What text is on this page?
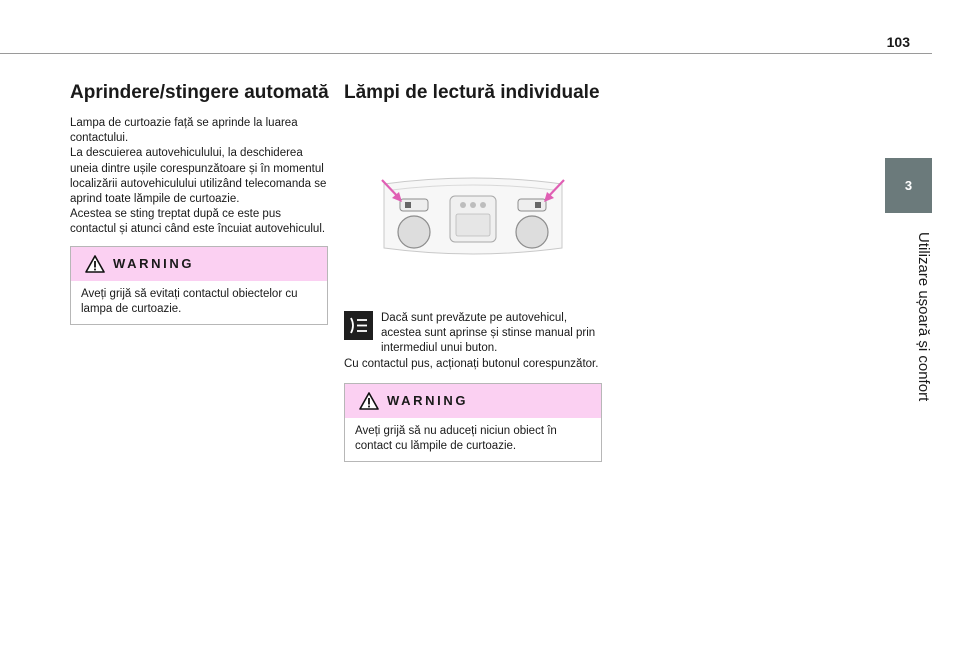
103
3
Utilizare ușoară și confort
Aprindere/stingere automată

Lampa de curtoazie față se aprinde la luarea contactului.

La descuierea autovehiculului, la deschiderea uneia dintre ușile corespunzătoare și în momentul localizării autovehiculului utilizând telecomanda se aprind toate lămpile de curtoazie.

Acestea se sting treptat după ce este pus contactul și atunci când este încuiat autovehiculul.

WARNING
Aveți grijă să evitați contactul obiectelor cu lampa de curtoazie.
Lămpi de lectură individuale

Dacă sunt prevăzute pe autovehicul, acestea sunt aprinse și stinse manual prin intermediul unui buton.

Cu contactul pus, acționați butonul corespunzător.

WARNING
Aveți grijă să nu aduceți niciun obiect în contact cu lămpile de curtoazie.
